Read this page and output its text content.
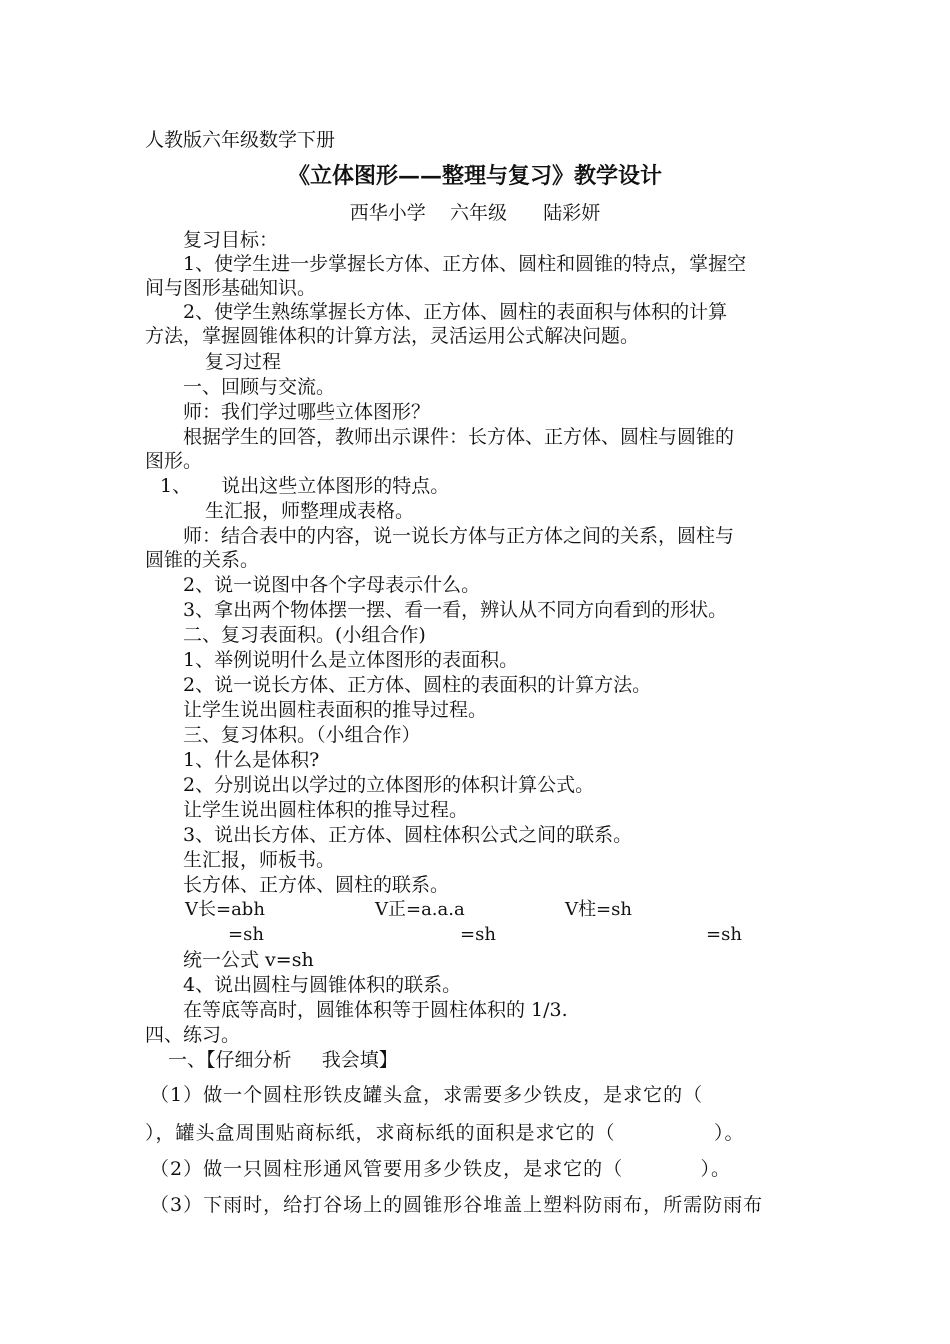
人教版六年级数学下册
《立体图形——整理与复习》教学设计
西华小学    六年级      陆彩妍
复习目标：
1、使学生进一步掌握长方体、正方体、圆柱和圆锥的特点，掌握空
间与图形基础知识。
2、使学生熟练掌握长方体、正方体、圆柱的表面积与体积的计算
方法，掌握圆锥体积的计算方法，灵活运用公式解决问题。
复习过程
一、回顾与交流。
师：我们学过哪些立体图形？
根据学生的回答，教师出示课件：长方体、正方体、圆柱与圆锥的
图形。
1、     说出这些立体图形的特点。
生汇报，师整理成表格。
师：结合表中的内容，说一说长方体与正方体之间的关系，圆柱与
圆锥的关系。
2、说一说图中各个字母表示什么。
3、拿出两个物体摆一摆、看一看，辨认从不同方向看到的形状。
二、复习表面积。(小组合作)
1、举例说明什么是立体图形的表面积。
2、说一说长方体、正方体、圆柱的表面积的计算方法。
让学生说出圆柱表面积的推导过程。
三、复习体积。（小组合作）
1、什么是体积?
2、分别说出以学过的立体图形的体积计算公式。
让学生说出圆柱体积的推导过程。
3、说出长方体、正方体、圆柱体积公式之间的联系。
生汇报，师板书。
长方体、正方体、圆柱的联系。
V长=abh	V正=a.a.a	V柱=sh
=sh	=sh	=sh
统一公式 v=sh
4、说出圆柱与圆锥体积的联系。
在等底等高时，圆锥体积等于圆柱体积的 1/3.
四、练习。
一、【仔细分析     我会填】
（1）做一个圆柱形铁皮罐头盒，求需要多少铁皮，是求它的（
），罐头盒周围贴商标纸，求商标纸的面积是求它的（              ）。
（2）做一只圆柱形通风管要用多少铁皮，是求它的（           ）。
（3）下雨时，给打谷场上的圆锥形谷堆盖上塑料防雨布，所需防雨布
